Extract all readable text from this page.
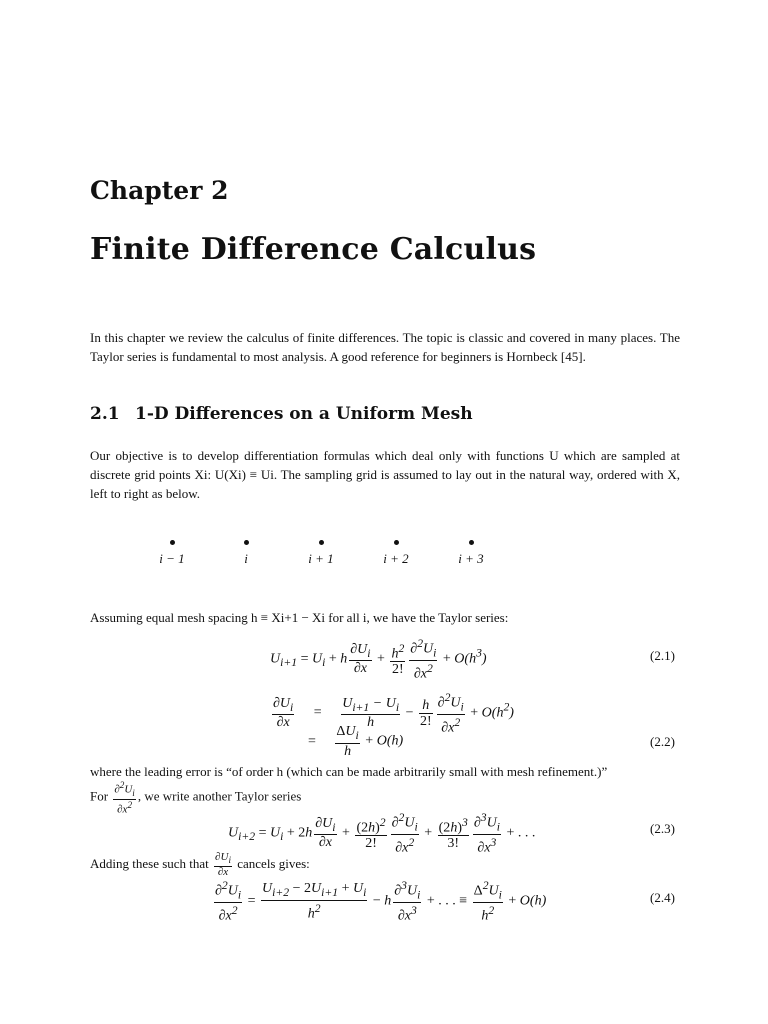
Chapter 2
Finite Difference Calculus
In this chapter we review the calculus of finite differences. The topic is classic and covered in many places. The Taylor series is fundamental to most analysis. A good reference for beginners is Hornbeck [45].
2.1 1-D Differences on a Uniform Mesh
Our objective is to develop differentiation formulas which deal only with functions U which are sampled at discrete grid points Xi: U(Xi) ≡ Ui. The sampling grid is assumed to lay out in the natural way, ordered with X, left to right as below.
i − 1	i	i + 1	i + 2	i + 3
Assuming equal mesh spacing h ≡ Xi+1 − Xi for all i, we have the Taylor series:
$U_{i+1} = U_i + h \frac{\partial U_i}{\partial x} + \frac{h^2}{2!} \frac{\partial^2U_i}{\partial x^2} + O(h^3)$	(2.1)
$\frac{\partial U_i}{\partial x} = \frac{U_{i+1} - U_i}{h} - \frac{h}{2!} \frac{\partial^2U_i}{\partial x^2} + O(h^2)$
= $\frac{\Delta U_i}{h} + O(h)$	(2.2)
where the leading error is “of order h (which can be made arbitrarily small with mesh refinement.)”
For $\frac{\partial^2U_i}{\partial x^2}$ , we write another Taylor series
$U_{i+2} = U_i + 2h \frac{\partial U_i}{\partial x} + \frac{(2h)^2}{2!} \frac{\partial^2U_i}{\partial x^2} + \frac{(2h)^3}{3!} \frac{\partial^3U_i}{\partial x^3}$ + . . .	(2.3)
Adding these such that $\frac{\partial U_i}{\partial x}$ cancels gives:
$\frac{\partial^2U_i}{\partial x^2} = \frac{U_{i+2} - 2U_{i+1} + U_i}{h^2} - h \frac{\partial^3U_i}{\partial x^3}$ + . . . ≡ $\frac{\Delta^2U_i}{h^2} + O(h)$	(2.4)
